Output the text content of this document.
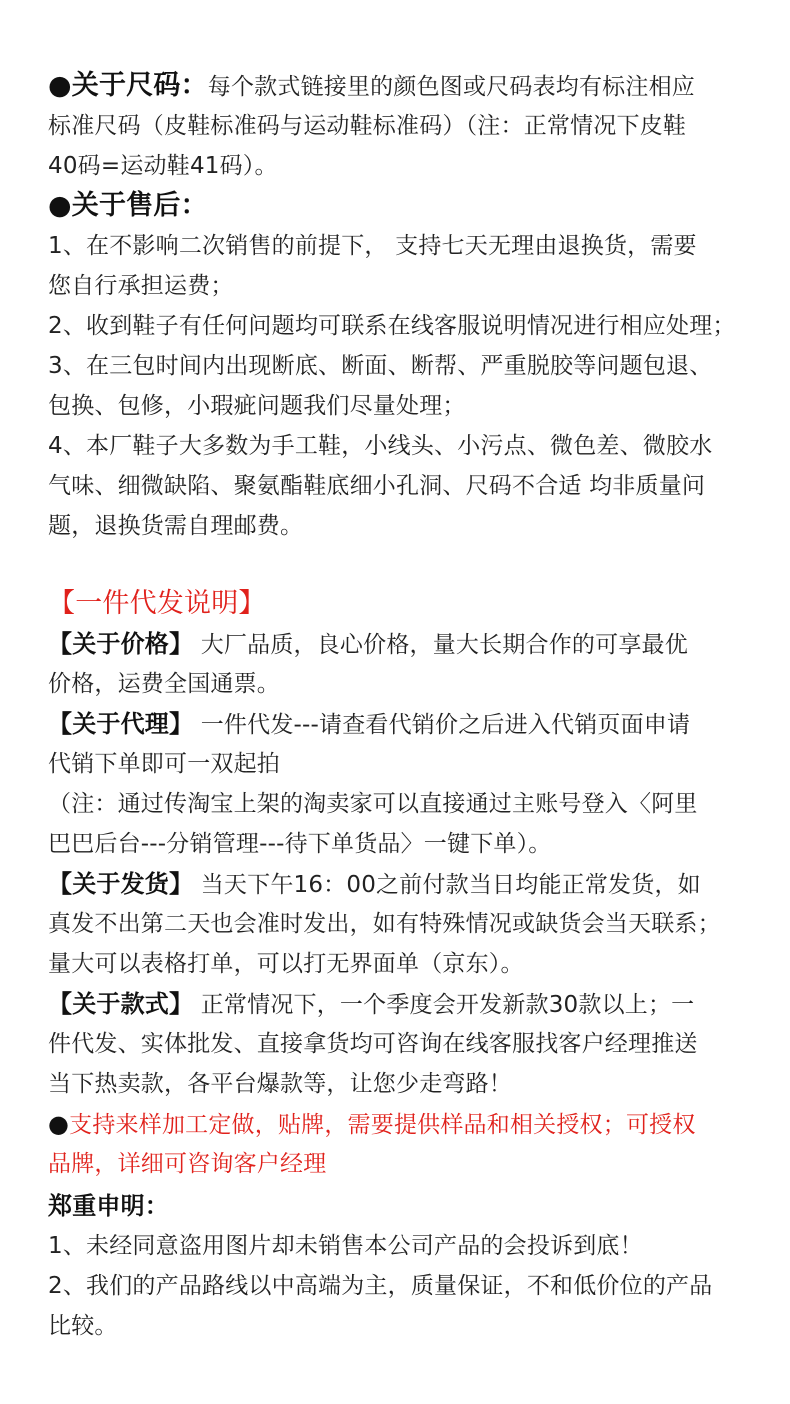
●关于尺码：每个款式链接里的颜色图或尺码表均有标注相应
标准尺码（皮鞋标准码与运动鞋标准码）（注：正常情况下皮鞋
40码=运动鞋41码）。
●关于售后：
1、在不影响二次销售的前提下， 支持七天无理由退换货，需要
您自行承担运费；
2、收到鞋子有任何问题均可联系在线客服说明情况进行相应处理；
3、在三包时间内出现断底、断面、断帮、严重脱胶等问题包退、
包换、包修，小瑕疵问题我们尽量处理；
4、本厂鞋子大多数为手工鞋，小线头、小污点、微色差、微胶水
气味、细微缺陷、聚氨酯鞋底细小孔洞、尺码不合适 均非质量问
题，退换货需自理邮费。
【一件代发说明】
【关于价格】 大厂品质，良心价格，量大长期合作的可享最优
价格，运费全国通票。
【关于代理】 一件代发---请查看代销价之后进入代销页面申请
代销下单即可一双起拍
（注：通过传淘宝上架的淘卖家可以直接通过主账号登入〈阿里
巴巴后台---分销管理---待下单货品〉一键下单）。
【关于发货】 当天下午16：00之前付款当日均能正常发货，如
真发不出第二天也会准时发出，如有特殊情况或缺货会当天联系；
量大可以表格打单，可以打无界面单（京东）。
【关于款式】 正常情况下，一个季度会开发新款30款以上；一
件代发、实体批发、直接拿货均可咨询在线客服找客户经理推送
当下热卖款，各平台爆款等，让您少走弯路！
●支持来样加工定做，贴牌，需要提供样品和相关授权；可授权
品牌，详细可咨询客户经理
郑重申明：
1、未经同意盗用图片却未销售本公司产品的会投诉到底！
2、我们的产品路线以中高端为主，质量保证，不和低价位的产品
比较。
